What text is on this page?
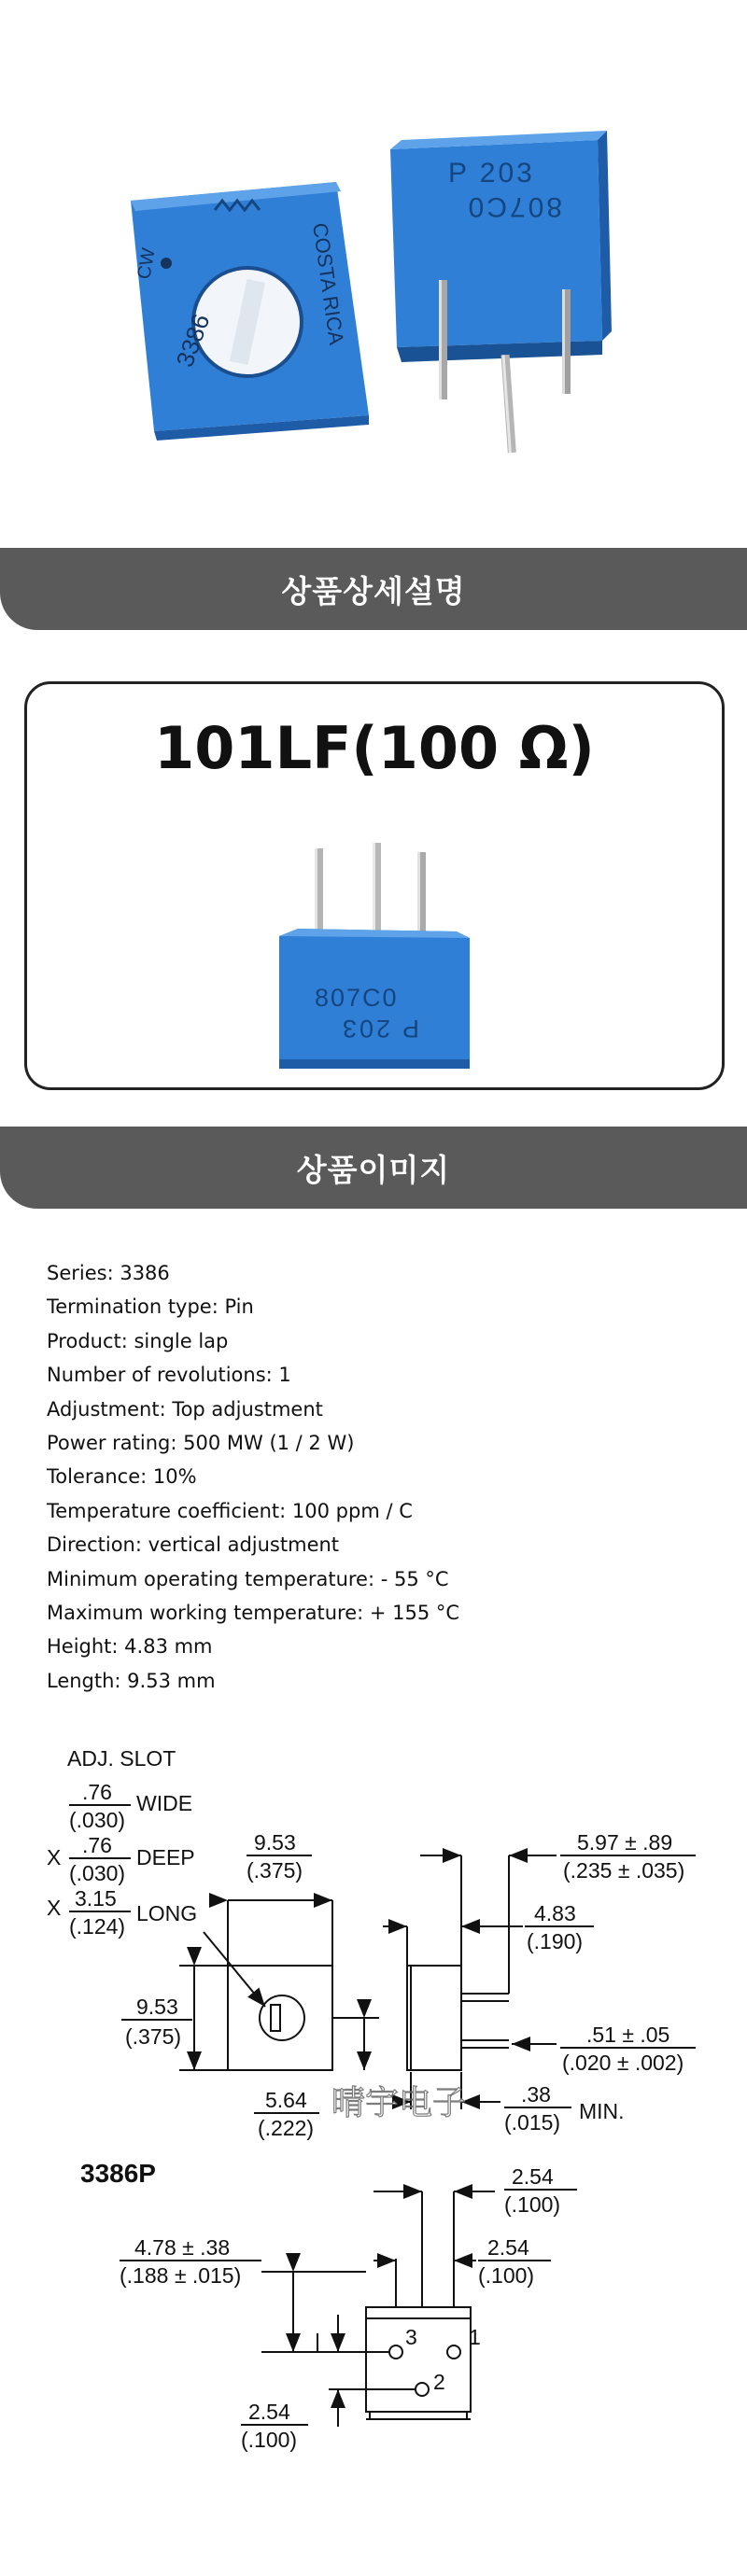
3386
CW	COSTA RICA
P 203
807C0
상품상세설명
101LF(100 Ω)
807C0
P 203
상품이미지
Series: 3386
Termination type: Pin
Product: single lap
Number of revolutions: 1
Adjustment: Top adjustment
Power rating: 500 MW (1 / 2 W)
Tolerance: 10%
Temperature coefficient: 100 ppm / C
Direction: vertical adjustment
Minimum operating temperature: - 55 °C
Maximum working temperature: + 155 °C
Height: 4.83 mm
Length: 9.53 mm
ADJ. SLOT
.76
(.030)
WIDE
X .76
(.030)
DEEP
X 3.15
(.124)
LONG
9.53
(.375)
9.53
(.375)
5.97 ± .89
(.235 ± .035)
4.83
(.190)
.51 ± .05
(.020 ± .002)
5.64
(.222)
.38
(.015) MIN.
3386P	2.54
(.100)
2.54
(.100)
4.78 ± .38
(.188 ± .015)
2.54
(.100)
1
2
3
晴宇电子
